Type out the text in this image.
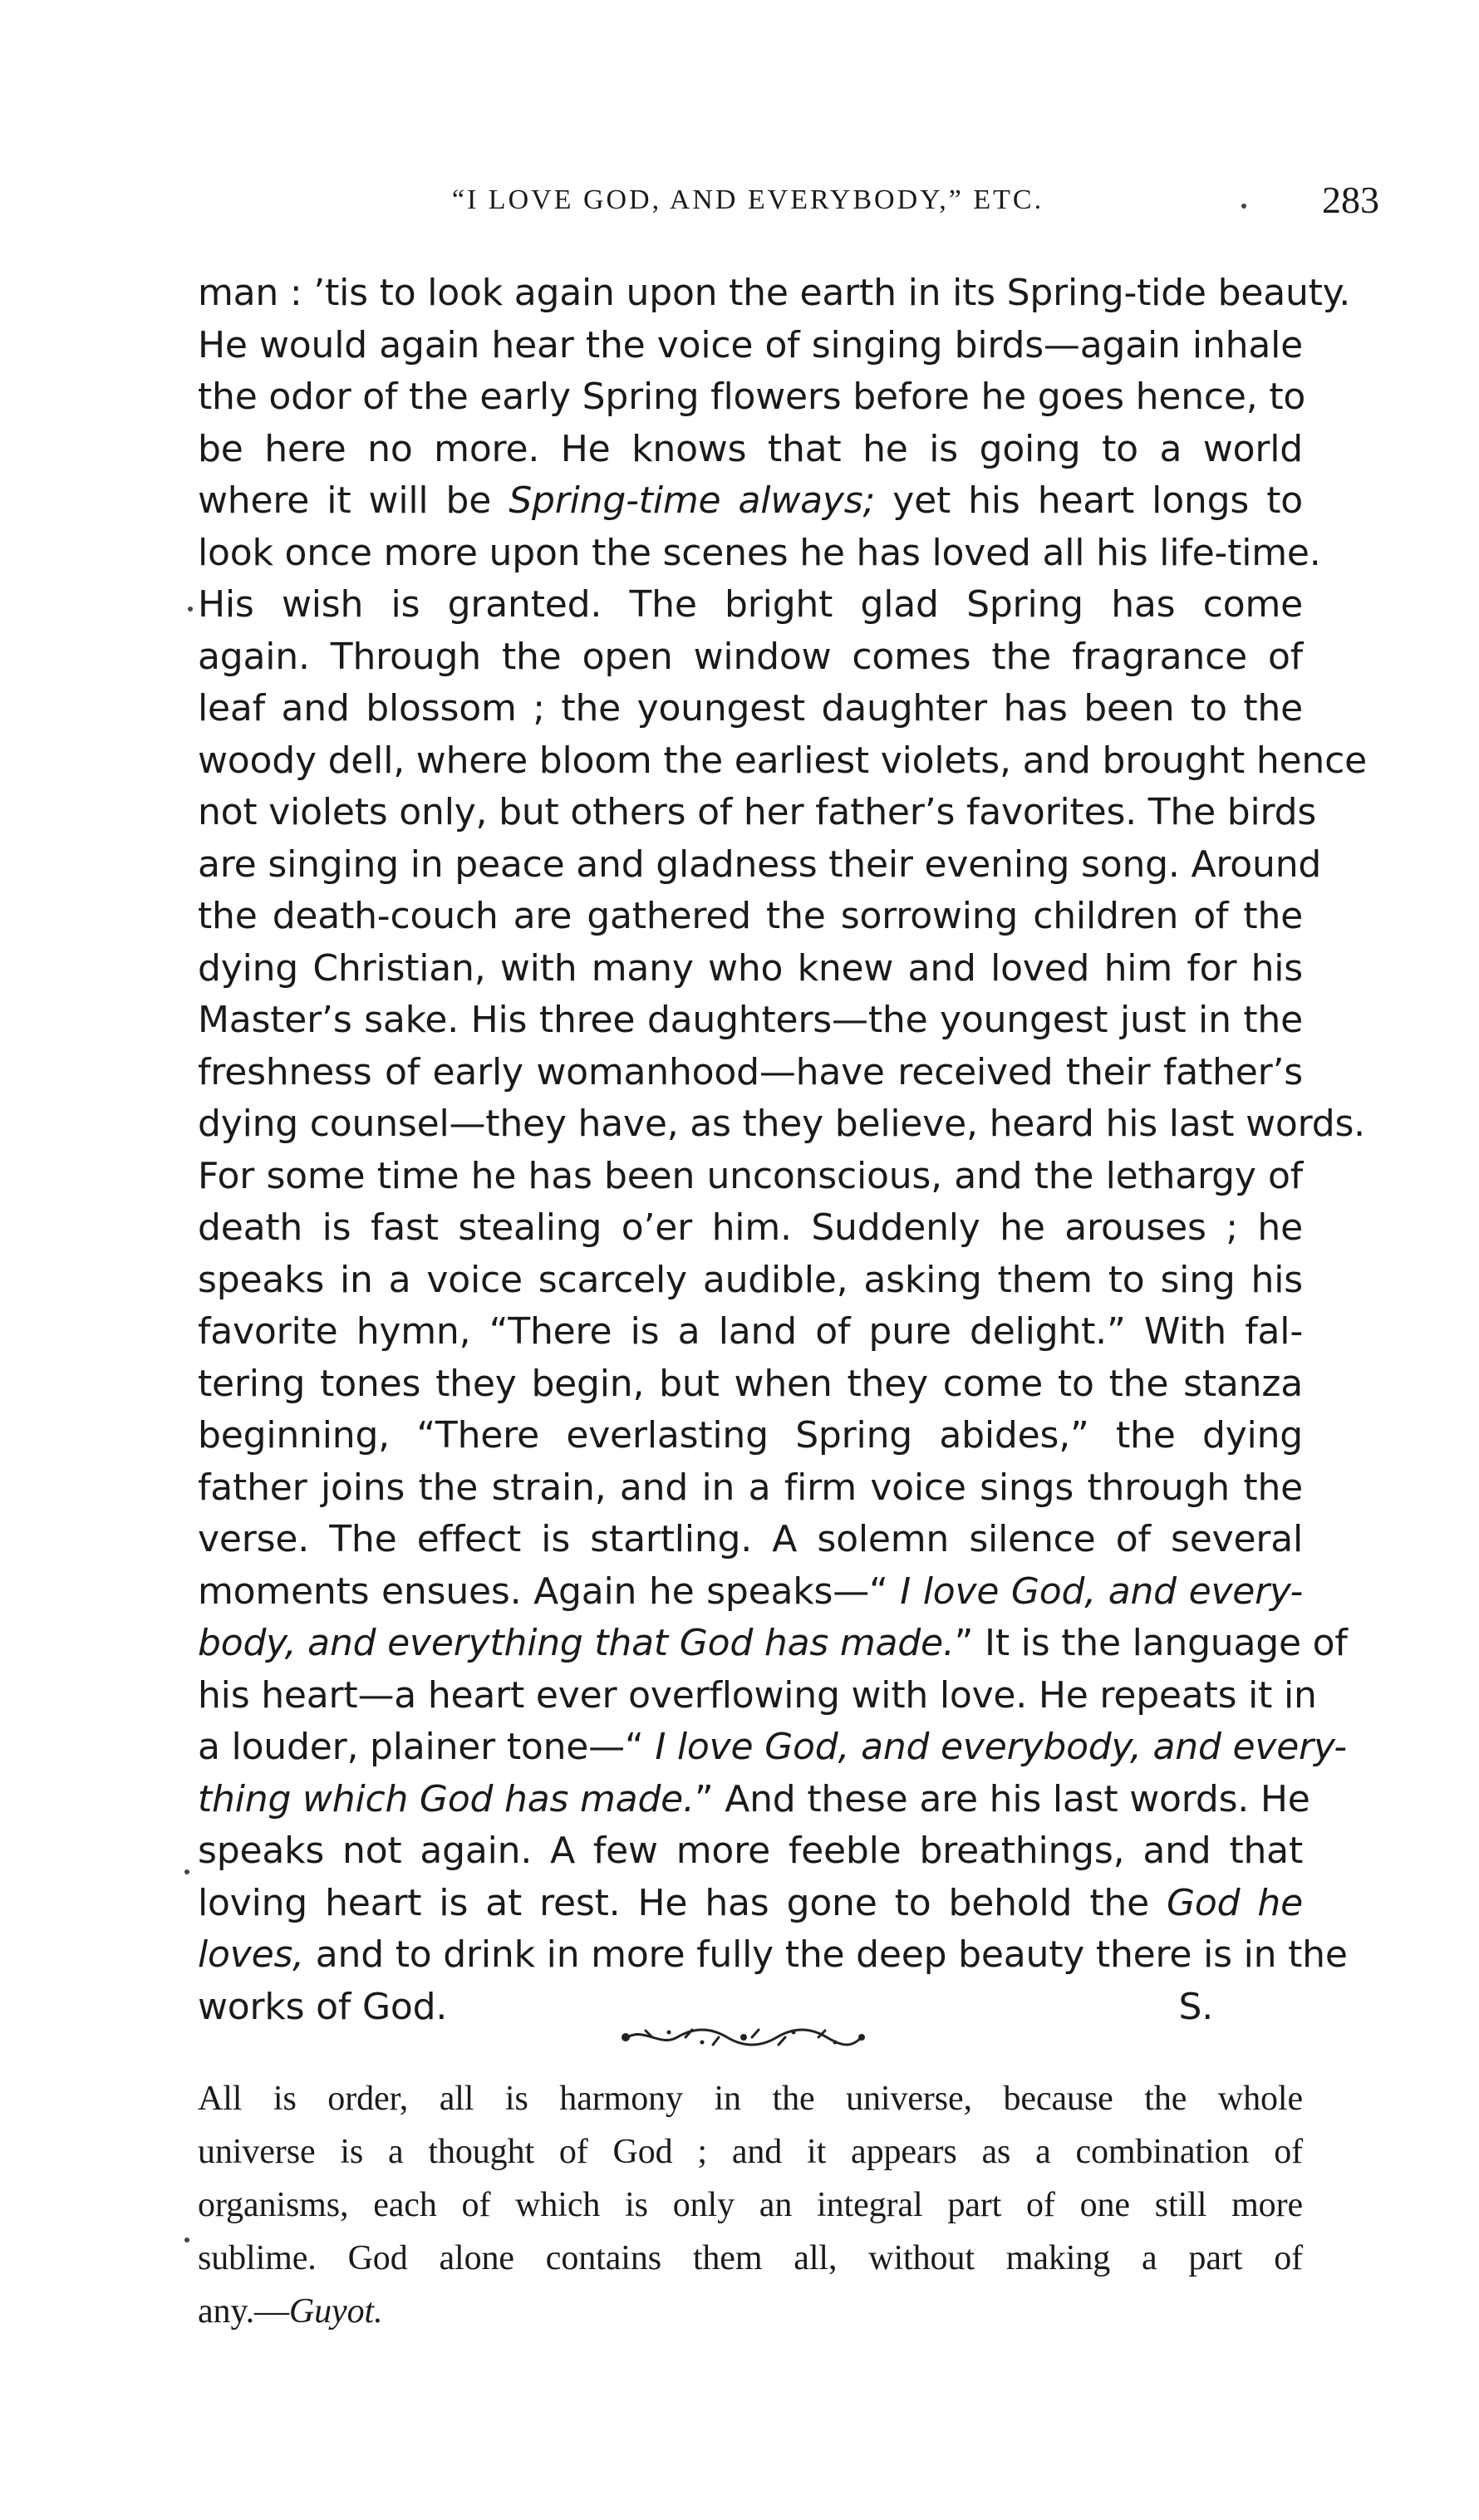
“I LOVE GOD, AND EVERYBODY,” ETC.	283
man : ’tis to look again upon the earth in its Spring-tide beauty.
He would again hear the voice of singing birds—again inhale
the odor of the early Spring flowers before he goes hence, to
be here no more. He knows that he is going to a world
where it will be Spring-time always; yet his heart longs to
look once more upon the scenes he has loved all his life-time.
His wish is granted. The bright glad Spring has come
again. Through the open window comes the fragrance of
leaf and blossom ; the youngest daughter has been to the
woody dell, where bloom the earliest violets, and brought hence
not violets only, but others of her father’s favorites. The birds
are singing in peace and gladness their evening song. Around
the death-couch are gathered the sorrowing children of the
dying Christian, with many who knew and loved him for his
Master’s sake. His three daughters—the youngest just in the
freshness of early womanhood—have received their father’s
dying counsel—they have, as they believe, heard his last words.
For some time he has been unconscious, and the lethargy of
death is fast stealing o’er him. Suddenly he arouses ; he
speaks in a voice scarcely audible, asking them to sing his
favorite hymn, “There is a land of pure delight.” With fal-
tering tones they begin, but when they come to the stanza
beginning, “There everlasting Spring abides,” the dying
father joins the strain, and in a firm voice sings through the
verse. The effect is startling. A solemn silence of several
moments ensues. Again he speaks—“ I love God, and every-
body, and everything that God has made.” It is the language of
his heart—a heart ever overflowing with love. He repeats it in
a louder, plainer tone—“ I love God, and everybody, and every-
thing which God has made.” And these are his last words. He
speaks not again. A few more feeble breathings, and that
loving heart is at rest. He has gone to behold the God he
loves, and to drink in more fully the deep beauty there is in the
works of God.	S.
All is order, all is harmony in the universe, because the whole
universe is a thought of God ; and it appears as a combination of
organisms, each of which is only an integral part of one still more
sublime. God alone contains them all, without making a part of
any.—Guyot.
